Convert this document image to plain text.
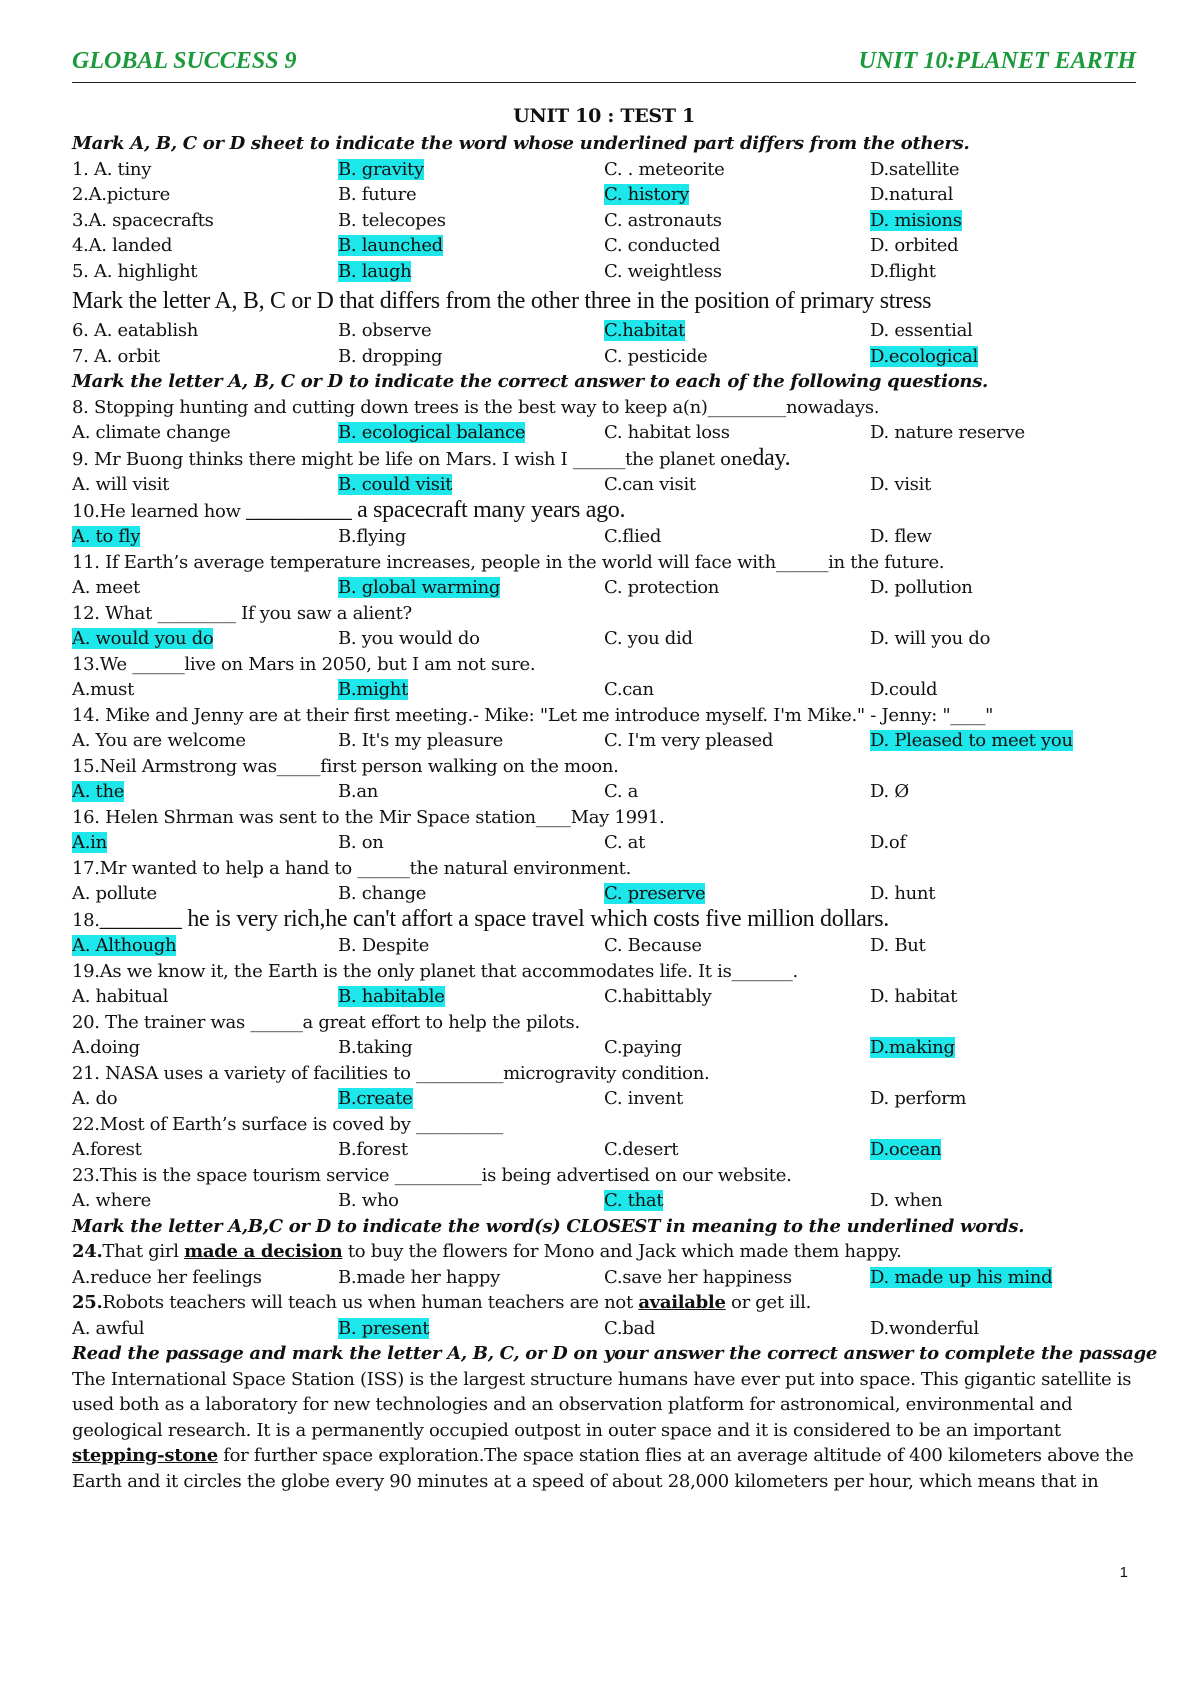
GLOBAL SUCCESS 9	UNIT 10:PLANET EARTH
UNIT 10 : TEST 1
Mark A, B, C or D sheet to indicate the word whose underlined part differs from the others.
1. A. tiny	B. gravity	C. . meteorite	D.satellite
2.A.picture	B. future	C. history	D.natural
3.A. spacecrafts	B. telecopes	C. astronauts	D. misions
4.A. landed	B. launched	C. conducted	D. orbited
5. A. highlight	B. laugh	C. weightless	D.flight
Mark the letter A, B, C or D that differs from the other three in the position of primary stress
6. A. eatablish	B. observe	C.habitat	D. essential
7. A. orbit	B. dropping	C. pesticide	D.ecological
Mark the letter A, B, C or D to indicate the correct answer to each of the following questions.
8. Stopping hunting and cutting down trees is the best way to keep a(n)_________nowadays.
A. climate change	B. ecological balance	C. habitat loss	D. nature reserve
9. Mr Buong thinks there might be life on Mars. I wish I ______the planet oneday.
A. will visit	B. could visit	C.can visit	D. visit
10.He learned how _________ a spacecraft many years ago.
A. to fly	B.flying	C.flied	D. flew
11. If Earth’s average temperature increases, people in the world will face with______in the future.
A. meet	B. global warming	C. protection	D. pollution
12. What _________ If you saw a alient?
A. would you do	B. you would do	C. you did	D. will you do
13.We ______live on Mars in 2050, but I am not sure.
A.must	B.might	C.can	D.could
14. Mike and Jenny are at their first meeting.- Mike: "Let me introduce myself. I'm Mike." - Jenny: "____"
A. You are welcome	B. It's my pleasure	C. I'm very pleased	D. Pleased to meet you
15.Neil Armstrong was_____first person walking on the moon.
A. the	B.an	C. a	D. Ø
16. Helen Shrman was sent to the Mir Space station____May 1991.
A.in	B. on	C. at	D.of
17.Mr wanted to help a hand to ______the natural environment.
A. pollute	B. change	C. preserve	D. hunt
18._______ he is very rich,he can't affort a space travel which costs five million dollars.
A. Although	B. Despite	C. Because	D. But
19.As we know it, the Earth is the only planet that accommodates life. It is_______.
A. habitual	B. habitable	C.habittably	D. habitat
20. The trainer was ______a great effort to help the pilots.
A.doing	B.taking	C.paying	D.making
21. NASA uses a variety of facilities to __________microgravity condition.
A. do	B.create	C. invent	D. perform
22.Most of Earth’s surface is coved by __________
A.forest	B.forest	C.desert	D.ocean
23.This is the space tourism service __________is being advertised on our website.
A. where	B. who	C. that	D. when
Mark the letter A,B,C or D to indicate the word(s) CLOSEST in meaning to the underlined words.
24.That girl made a decision to buy the flowers for Mono and Jack which made them happy.
A.reduce her feelings	B.made her happy	C.save her happiness	D. made up his mind
25.Robots teachers will teach us when human teachers are not available or get ill.
A. awful	B. present	C.bad	D.wonderful
Read the passage and mark the letter A, B, C, or D on your answer the correct answer to complete the passage
The International Space Station (ISS) is the largest structure humans have ever put into space. This gigantic satellite is
used both as a laboratory for new technologies and an observation platform for astronomical, environmental and
geological research. It is a permanently occupied outpost in outer space and it is considered to be an important
stepping-stone for further space exploration.The space station flies at an average altitude of 400 kilometers above the
Earth and it circles the globe every 90 minutes at a speed of about 28,000 kilometers per hour, which means that in
1
